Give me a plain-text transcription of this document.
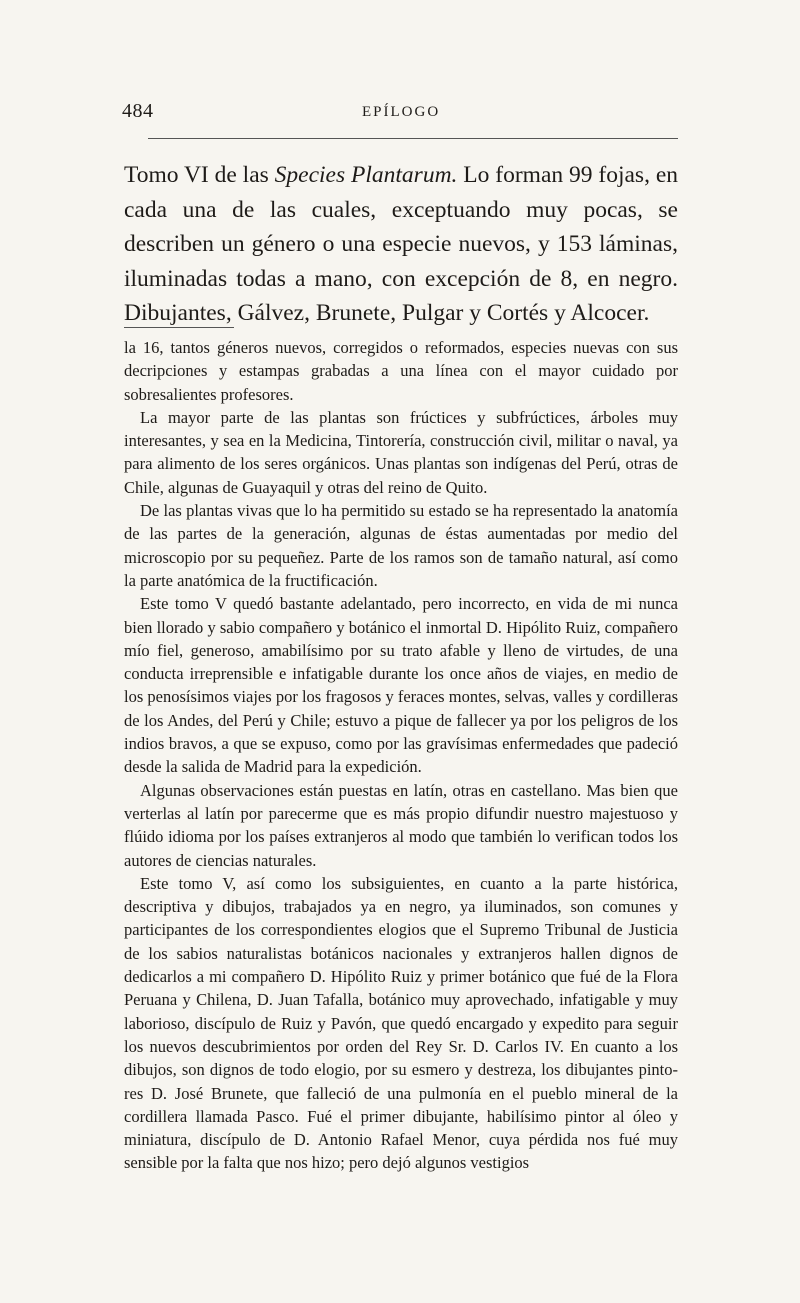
484	EPÍLOGO

Tomo VI de las Species Plantarum. Lo forman 99 fojas, en cada una de las cuales, exceptuando muy pocas, se describen un género o una especie nuevos, y 153 láminas, iluminadas todas a mano, con excepción de 8, en negro. Dibujantes, Gálvez, Brunete, Pulgar y Cortés y Alcocer.

la 16, tantos géneros nuevos, corregidos o reformados, especies nuevas con sus decripciones y estampas grabadas a una línea con el mayor cuidado por sobresalientes profesores.

La mayor parte de las plantas son frúctices y subfrúctices, árboles muy interesantes, y sea en la Medicina, Tintorería, construcción civil, militar o naval, ya para alimento de los seres orgánicos. Unas plantas son indígenas del Perú, otras de Chile, algunas de Guayaquil y otras del reino de Quito.

De las plantas vivas que lo ha permitido su estado se ha representado la anatomía de las partes de la generación, algunas de éstas aumentadas por medio del microscopio por su pequeñez. Parte de los ramos son de tamaño natural, así como la parte anatómica de la fructificación.

Este tomo V quedó bastante adelantado, pero incorrecto, en vida de mi nunca bien llorado y sabio compañero y botánico el inmortal D. Hipólito Ruiz, compañero mío fiel, generoso, amabilísimo por su trato afable y lleno de virtudes, de una conducta irreprensible e infatigable durante los once años de viajes, en medio de los penosísimos viajes por los fragosos y feraces montes, selvas, valles y cordilleras de los Andes, del Perú y Chile; estuvo a pique de fallecer ya por los peligros de los indios bravos, a que se expuso, como por las gravísimas enfermedades que padeció desde la salida de Madrid para la expedición.

Algunas observaciones están puestas en latín, otras en castellano. Mas bien que verterlas al latín por parecerme que es más propio difundir nuestro majestuoso y flúido idioma por los países extranjeros al modo que también lo verifican todos los autores de ciencias naturales.

Este tomo V, así como los subsiguientes, en cuanto a la parte histórica, descriptiva y dibujos, trabajados ya en negro, ya iluminados, son comunes y participantes de los correspondientes elogios que el Supremo Tribunal de Justicia de los sabios naturalistas botánicos nacionales y extranjeros hallen dignos de dedicarlos a mi compañero D. Hipólito Ruiz y primer botánico que fué de la Flora Peruana y Chilena, D. Juan Tafalla, botánico muy aprovechado, infatigable y muy laborioso, discípulo de Ruiz y Pavón, que quedó encargado y expedito para seguir los nuevos descubrimientos por orden del Rey Sr. D. Carlos IV. En cuanto a los dibujos, son dignos de todo elogio, por su esmero y destreza, los dibujantes pintores D. José Brunete, que falleció de una pulmonía en el pueblo mineral de la cordillera llamada Pasco. Fué el primer dibujante, habilísimo pintor al óleo y miniatura, discípulo de D. Antonio Rafael Menor, cuya pérdida nos fué muy sensible por la falta que nos hizo; pero dejó algunos vestigios
